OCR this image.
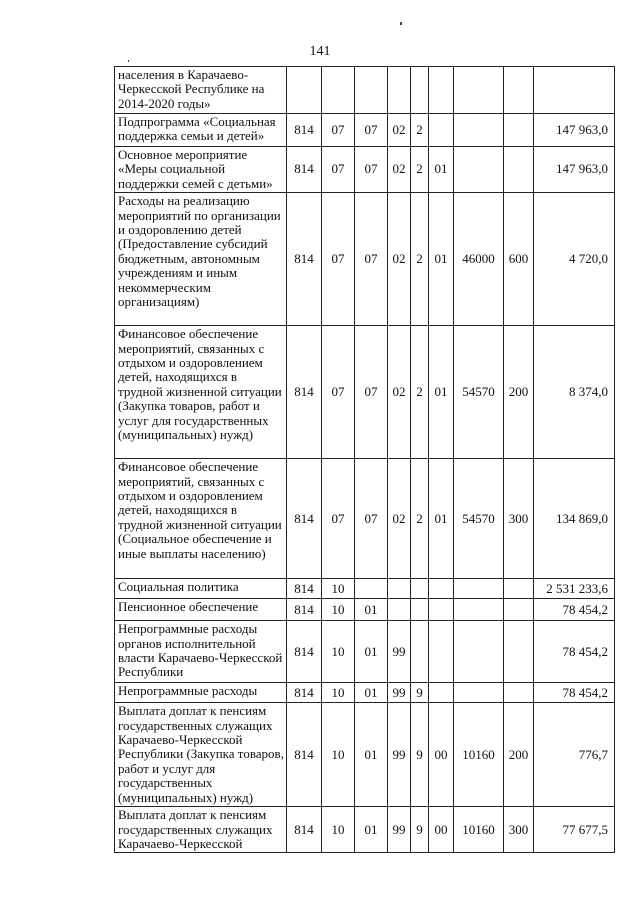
141
населения в Карачаево-Черкесской Республике на 2014-2020 годы»									
Подпрограмма «Социальная поддержка семьи и детей»	814	07	07	02	2				147 963,0
Основное мероприятие «Меры социальной поддержки семей с детьми»	814	07	07	02	2	01			147 963,0
Расходы на реализацию мероприятий по организации и оздоровлению детей (Предоставление субсидий бюджетным, автономным учреждениям и иным некоммерческим организациям)	814	07	07	02	2	01	46000	600	4 720,0
Финансовое обеспечение мероприятий, связанных с отдыхом и оздоровлением детей, находящихся в трудной жизненной ситуации (Закупка товаров, работ и услуг для государственных (муниципальных) нужд)	814	07	07	02	2	01	54570	200	8 374,0
Финансовое обеспечение мероприятий, связанных с отдыхом и оздоровлением детей, находящихся в трудной жизненной ситуации (Социальное обеспечение и иные выплаты населению)	814	07	07	02	2	01	54570	300	134 869,0
Социальная политика	814	10							2 531 233,6
Пенсионное обеспечение	814	10	01						78 454,2
Непрограммные расходы органов исполнительной власти Карачаево-Черкесской Республики	814	10	01	99					78 454,2
Непрограммные расходы	814	10	01	99	9				78 454,2
Выплата доплат к пенсиям государственных служащих Карачаево-Черкесской Республики (Закупка товаров, работ и услуг для государственных (муниципальных) нужд)	814	10	01	99	9	00	10160	200	776,7
Выплата доплат к пенсиям государственных служащих Карачаево-Черкесской	814	10	01	99	9	00	10160	300	77 677,5
